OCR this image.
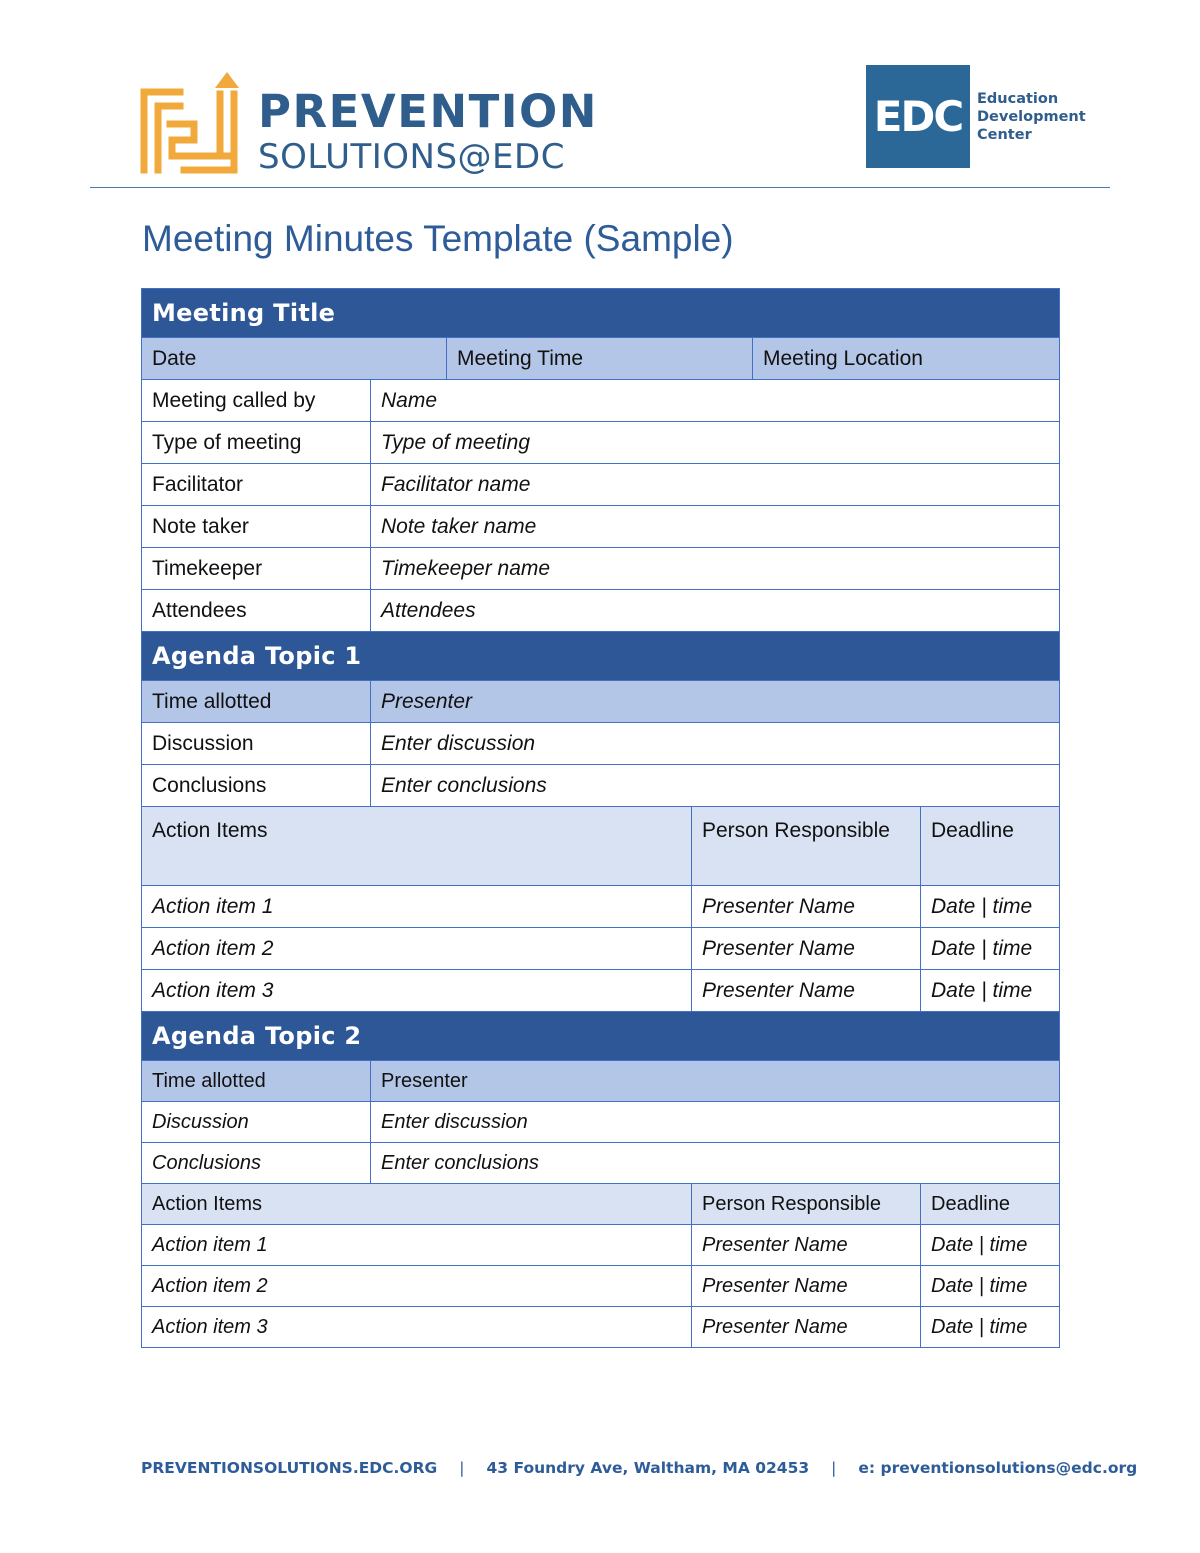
PREVENTION
SOLUTIONS@EDC
EDC	Education
Development
Center
Meeting Minutes Template (Sample)
Meeting Title					
Date		Meeting Time		Meeting Location	
Meeting called by	Name				
Type of meeting	Type of meeting				
Facilitator	Facilitator name				
Note taker	Note taker name				
Timekeeper	Timekeeper name				
Attendees	Attendees				
Agenda Topic 1					
Time allotted	Presenter				
Discussion	Enter discussion				
Conclusions	Enter conclusions				
Action Items			Person Responsible		Deadline
Action item 1			Presenter Name		Date | time
Action item 2			Presenter Name		Date | time
Action item 3			Presenter Name		Date | time
Agenda Topic 2					
Time allotted	Presenter				
Discussion	Enter discussion				
Conclusions	Enter conclusions				
Action Items			Person Responsible		Deadline
Action item 1			Presenter Name		Date | time
Action item 2			Presenter Name		Date | time
Action item 3			Presenter Name		Date | time
PREVENTIONSOLUTIONS.EDC.ORG | 43 Foundry Ave, Waltham, MA 02453 | e: preventionsolutions@edc.org
